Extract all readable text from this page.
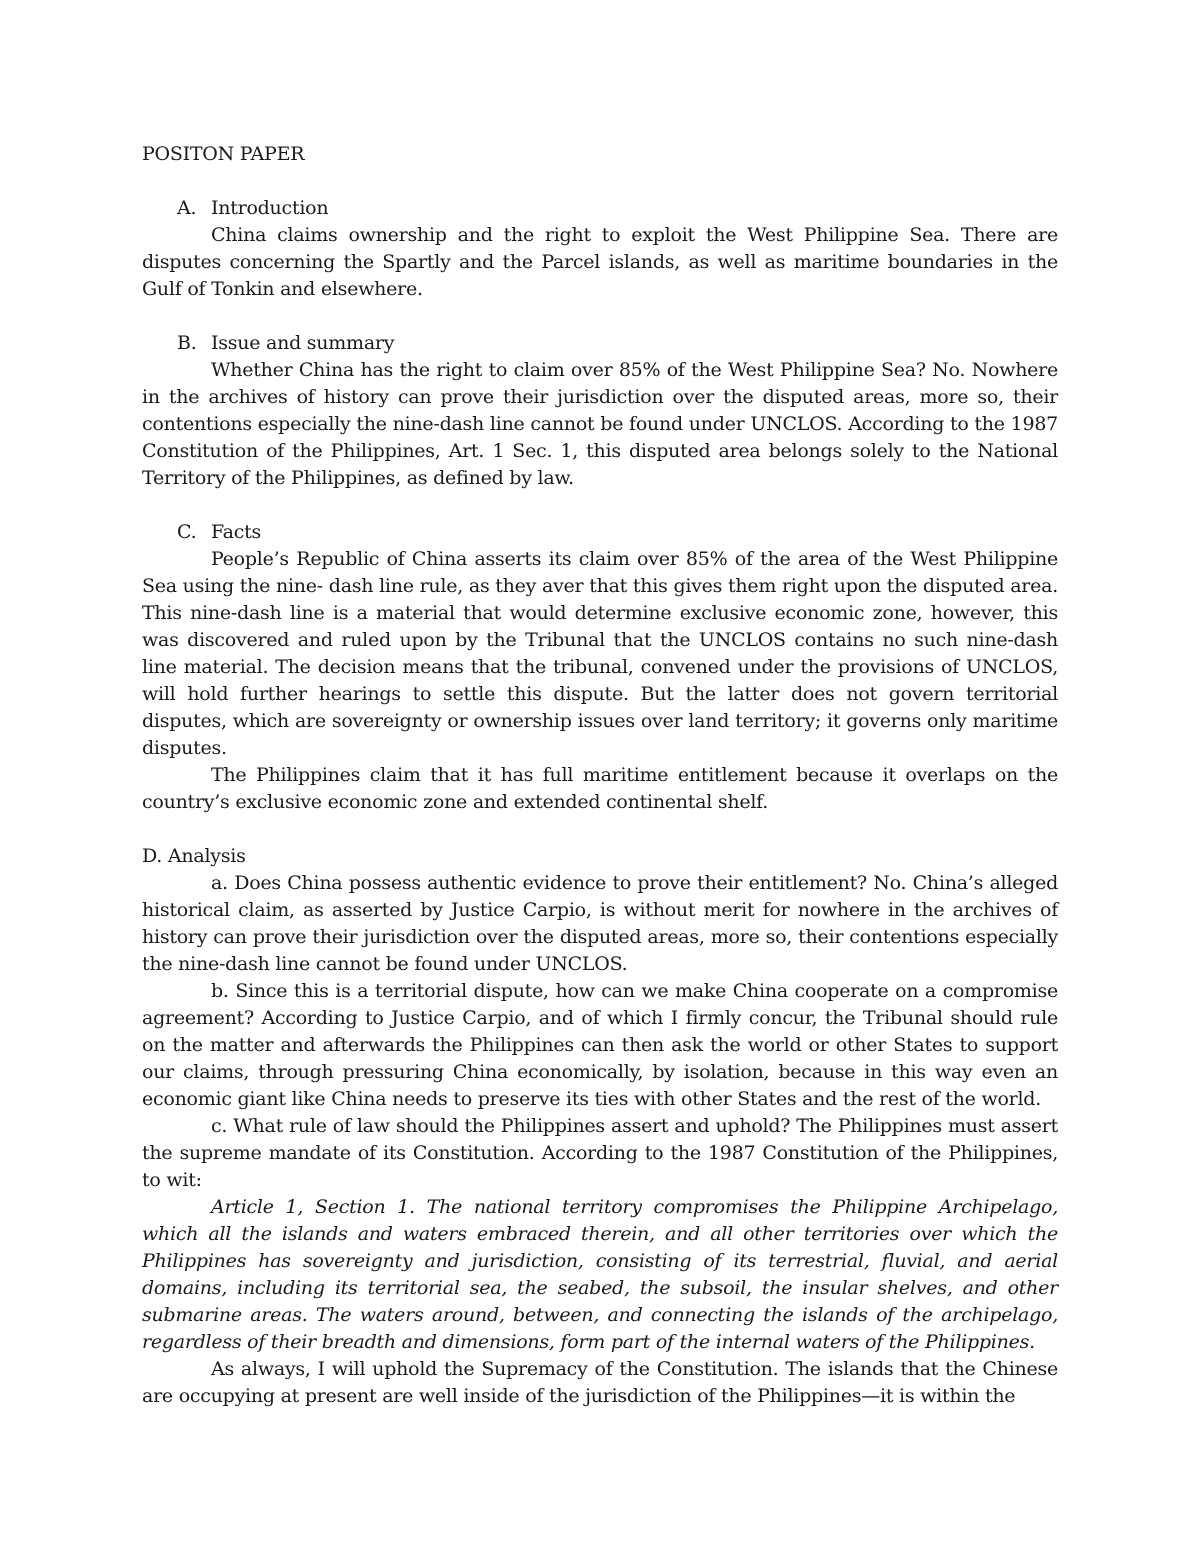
POSITON PAPER

A. Introduction

China claims ownership and the right to exploit the West Philippine Sea. There are disputes concerning the Spartly and the Parcel islands, as well as maritime boundaries in the Gulf of Tonkin and elsewhere.

B. Issue and summary

Whether China has the right to claim over 85% of the West Philippine Sea? No. Nowhere in the archives of history can prove their jurisdiction over the disputed areas, more so, their contentions especially the nine-dash line cannot be found under UNCLOS. According to the 1987 Constitution of the Philippines, Art. 1 Sec. 1, this disputed area belongs solely to the National Territory of the Philippines, as defined by law.

C. Facts

People’s Republic of China asserts its claim over 85% of the area of the West Philippine Sea using the nine- dash line rule, as they aver that this gives them right upon the disputed area. This nine-dash line is a material that would determine exclusive economic zone, however, this was discovered and ruled upon by the Tribunal that the UNCLOS contains no such nine-dash line material. The decision means that the tribunal, convened under the provisions of UNCLOS, will hold further hearings to settle this dispute. But the latter does not govern territorial disputes, which are sovereignty or ownership issues over land territory; it governs only maritime disputes.

The Philippines claim that it has full maritime entitlement because it overlaps on the country’s exclusive economic zone and extended continental shelf.

D. Analysis

a. Does China possess authentic evidence to prove their entitlement? No. China’s alleged historical claim, as asserted by Justice Carpio, is without merit for nowhere in the archives of history can prove their jurisdiction over the disputed areas, more so, their contentions especially the nine-dash line cannot be found under UNCLOS.

b. Since this is a territorial dispute, how can we make China cooperate on a compromise agreement? According to Justice Carpio, and of which I firmly concur, the Tribunal should rule on the matter and afterwards the Philippines can then ask the world or other States to support our claims, through pressuring China economically, by isolation, because in this way even an economic giant like China needs to preserve its ties with other States and the rest of the world.

c. What rule of law should the Philippines assert and uphold? The Philippines must assert the supreme mandate of its Constitution. According to the 1987 Constitution of the Philippines, to wit:

Article 1, Section 1. The national territory compromises the Philippine Archipelago, which all the islands and waters embraced therein, and all other territories over which the Philippines has sovereignty and jurisdiction, consisting of its terrestrial, fluvial, and aerial domains, including its territorial sea, the seabed, the subsoil, the insular shelves, and other submarine areas. The waters around, between, and connecting the islands of the archipelago, regardless of their breadth and dimensions, form part of the internal waters of the Philippines.

As always, I will uphold the Supremacy of the Constitution. The islands that the Chinese are occupying at present are well inside of the jurisdiction of the Philippines—it is within the
